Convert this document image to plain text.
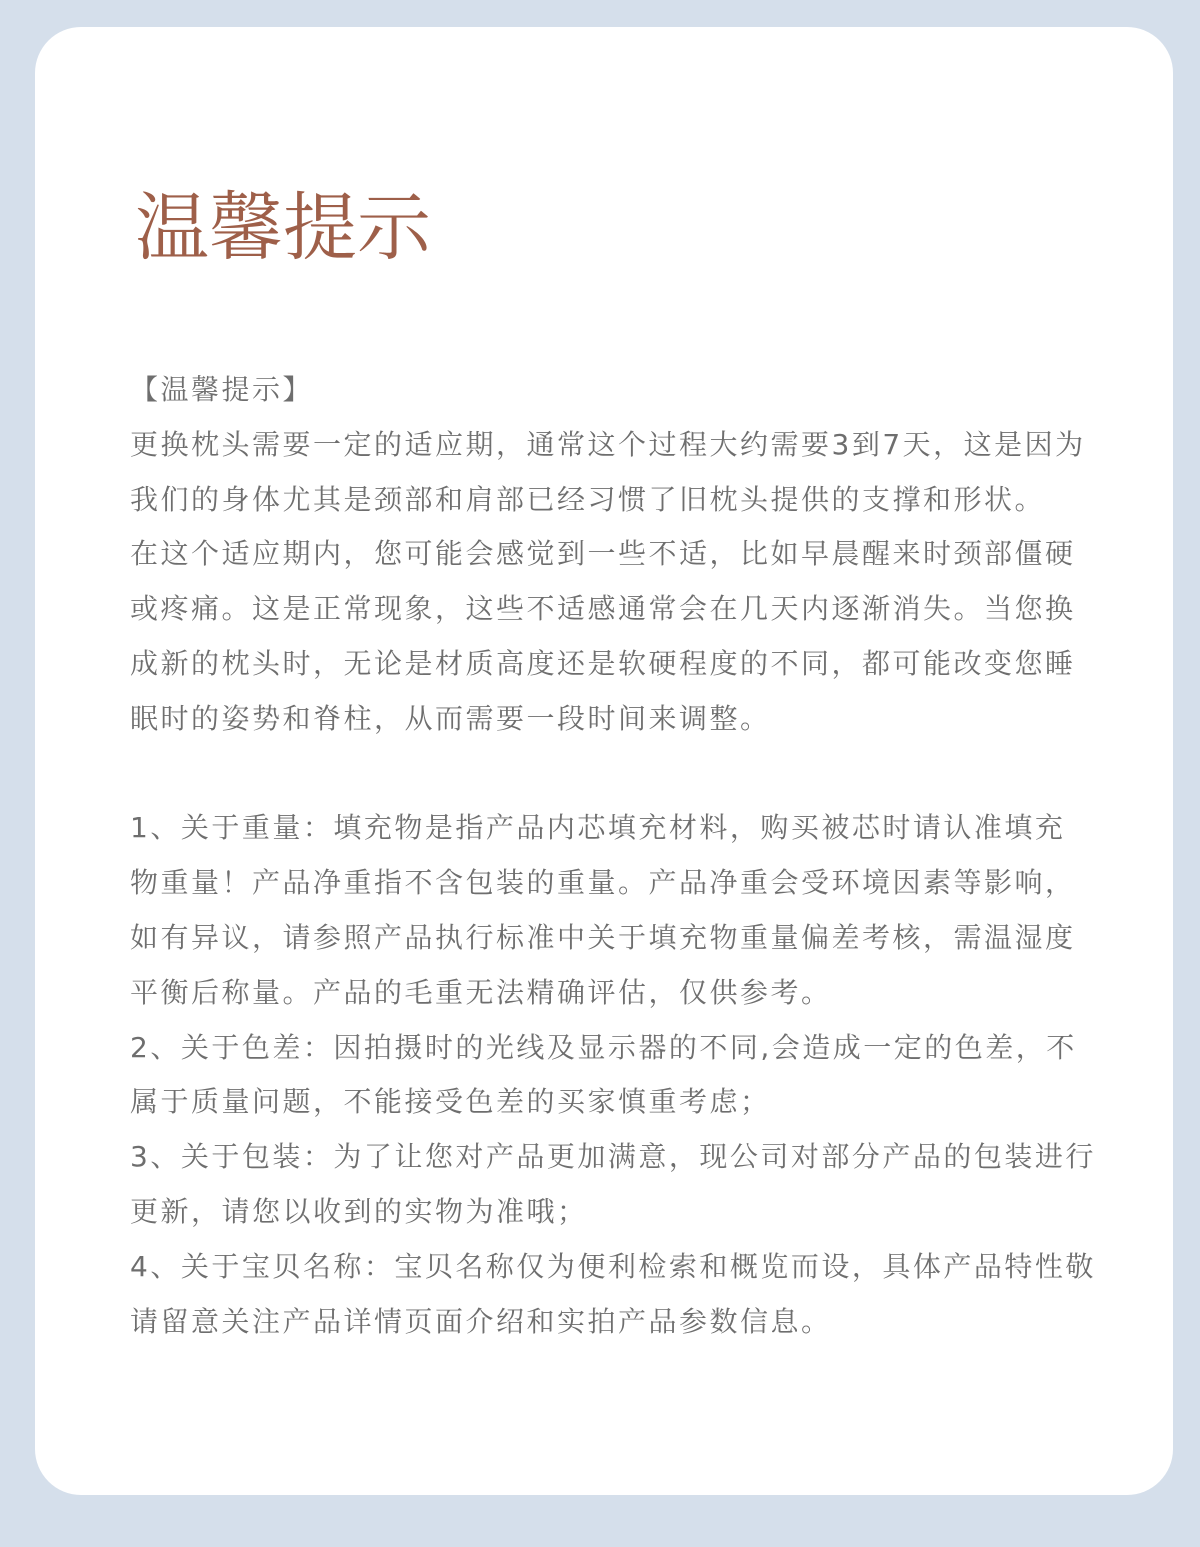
温馨提示
【温馨提示】
更换枕头需要一定的适应期，通常这个过程大约需要3到7天，这是因为
我们的身体尤其是颈部和肩部已经习惯了旧枕头提供的支撑和形状。
在这个适应期内，您可能会感觉到一些不适，比如早晨醒来时颈部僵硬
或疼痛。这是正常现象，这些不适感通常会在几天内逐渐消失。当您换
成新的枕头时，无论是材质高度还是软硬程度的不同，都可能改变您睡
眠时的姿势和脊柱，从而需要一段时间来调整。
1、关于重量：填充物是指产品内芯填充材料，购买被芯时请认准填充
物重量！产品净重指不含包装的重量。产品净重会受环境因素等影响，
如有异议，请参照产品执行标准中关于填充物重量偏差考核，需温湿度
平衡后称量。产品的毛重无法精确评估，仅供参考。
2、关于色差：因拍摄时的光线及显示器的不同,会造成一定的色差，不
属于质量问题，不能接受色差的买家慎重考虑；
3、关于包装：为了让您对产品更加满意，现公司对部分产品的包装进行
更新，请您以收到的实物为准哦；
4、关于宝贝名称：宝贝名称仅为便利检索和概览而设，具体产品特性敬
请留意关注产品详情页面介绍和实拍产品参数信息。
